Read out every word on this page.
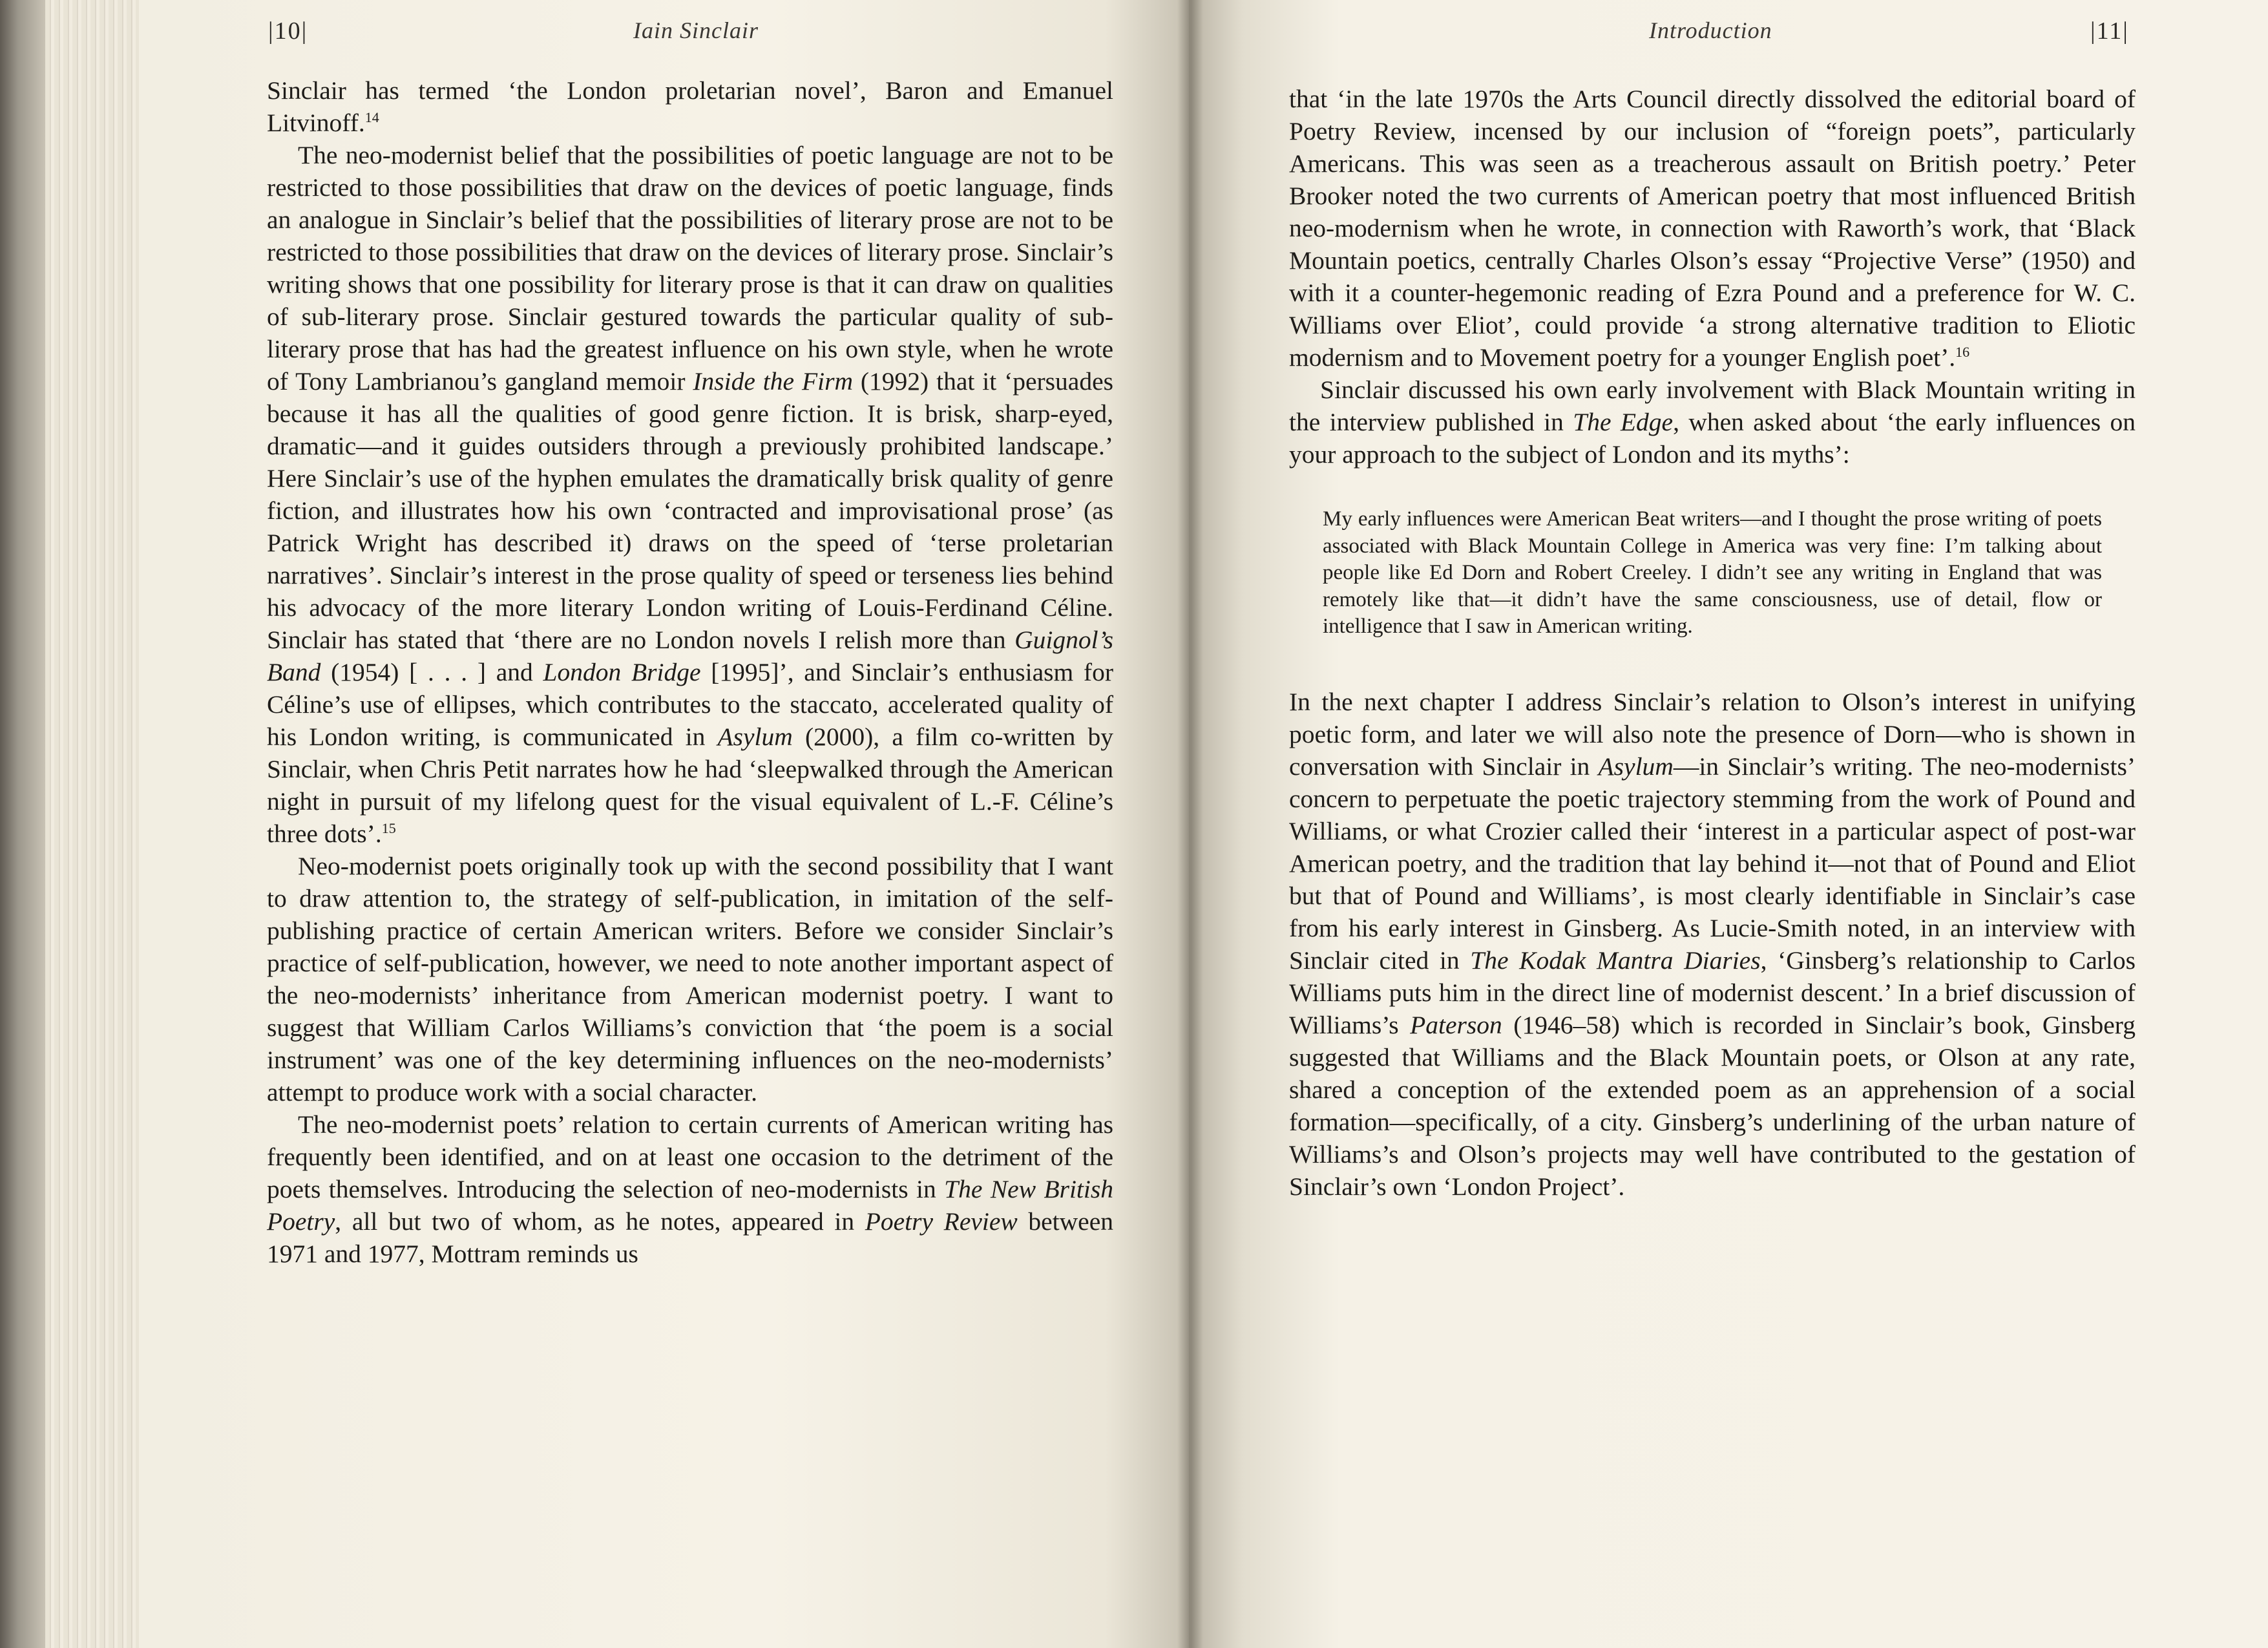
|10|	Iain Sinclair

Sinclair has termed ‘the London proletarian novel’, Baron and Emanuel Litvinoff.$^{14}$

The neo-modernist belief that the possibilities of poetic language are not to be restricted to those possibilities that draw on the devices of poetic language, finds an analogue in Sinclair’s belief that the possibilities of literary prose are not to be restricted to those possibilities that draw on the devices of literary prose. Sinclair’s writing shows that one possibility for literary prose is that it can draw on qualities of sub-literary prose. Sinclair gestured towards the particular quality of sub-literary prose that has had the greatest influence on his own style, when he wrote of Tony Lambrianou’s gangland memoir Inside the Firm (1992) that it ‘persuades because it has all the qualities of good genre fiction. It is brisk, sharp-eyed, dramatic—and it guides outsiders through a previously prohibited landscape.’ Here Sinclair’s use of the hyphen emulates the dramatically brisk quality of genre fiction, and illustrates how his own ‘contracted and improvisational prose’ (as Patrick Wright has described it) draws on the speed of ‘terse proletarian narratives’. Sinclair’s interest in the prose quality of speed or terseness lies behind his advocacy of the more literary London writing of Louis-Ferdinand Céline. Sinclair has stated that ‘there are no London novels I relish more than Guignol’s Band (1954) [ . . . ] and London Bridge [1995]’, and Sinclair’s enthusiasm for Céline’s use of ellipses, which contributes to the staccato, accelerated quality of his London writing, is communicated in Asylum (2000), a film co-written by Sinclair, when Chris Petit narrates how he had ‘sleepwalked through the American night in pursuit of my lifelong quest for the visual equivalent of L.-F. Céline’s three dots’.$^{15}$

Neo-modernist poets originally took up with the second possibility that I want to draw attention to, the strategy of self-publication, in imitation of the self-publishing practice of certain American writers. Before we consider Sinclair’s practice of self-publication, however, we need to note another important aspect of the neo-modernists’ inheritance from American modernist poetry. I want to suggest that William Carlos Williams’s conviction that ‘the poem is a social instrument’ was one of the key determining influences on the neo-modernists’ attempt to produce work with a social character.

The neo-modernist poets’ relation to certain currents of American writing has frequently been identified, and on at least one occasion to the detriment of the poets themselves. Introducing the selection of neo-modernists in The New British Poetry, all but two of whom, as he notes, appeared in Poetry Review between 1971 and 1977, Mottram reminds us

Introduction	|11|

that ‘in the late 1970s the Arts Council directly dissolved the editorial board of Poetry Review, incensed by our inclusion of “foreign poets”, particularly Americans. This was seen as a treacherous assault on British poetry.’ Peter Brooker noted the two currents of American poetry that most influenced British neo-modernism when he wrote, in connection with Raworth’s work, that ‘Black Mountain poetics, centrally Charles Olson’s essay “Projective Verse” (1950) and with it a counter-hegemonic reading of Ezra Pound and a preference for W. C. Williams over Eliot’, could provide ‘a strong alternative tradition to Eliotic modernism and to Movement poetry for a younger English poet’.$^{16}$

Sinclair discussed his own early involvement with Black Mountain writing in the interview published in The Edge, when asked about ‘the early influences on your approach to the subject of London and its myths’:

My early influences were American Beat writers—and I thought the prose writing of poets associated with Black Mountain College in America was very fine: I’m talking about people like Ed Dorn and Robert Creeley. I didn’t see any writing in England that was remotely like that—it didn’t have the same consciousness, use of detail, flow or intelligence that I saw in American writing.

In the next chapter I address Sinclair’s relation to Olson’s interest in unifying poetic form, and later we will also note the presence of Dorn—who is shown in conversation with Sinclair in Asylum—in Sinclair’s writing. The neo-modernists’ concern to perpetuate the poetic trajectory stemming from the work of Pound and Williams, or what Crozier called their ‘interest in a particular aspect of post-war American poetry, and the tradition that lay behind it—not that of Pound and Eliot but that of Pound and Williams’, is most clearly identifiable in Sinclair’s case from his early interest in Ginsberg. As Lucie-Smith noted, in an interview with Sinclair cited in The Kodak Mantra Diaries, ‘Ginsberg’s relationship to Carlos Williams puts him in the direct line of modernist descent.’ In a brief discussion of Williams’s Paterson (1946–58) which is recorded in Sinclair’s book, Ginsberg suggested that Williams and the Black Mountain poets, or Olson at any rate, shared a conception of the extended poem as an apprehension of a social formation—specifically, of a city. Ginsberg’s underlining of the urban nature of Williams’s and Olson’s projects may well have contributed to the gestation of Sinclair’s own ‘London Project’.
